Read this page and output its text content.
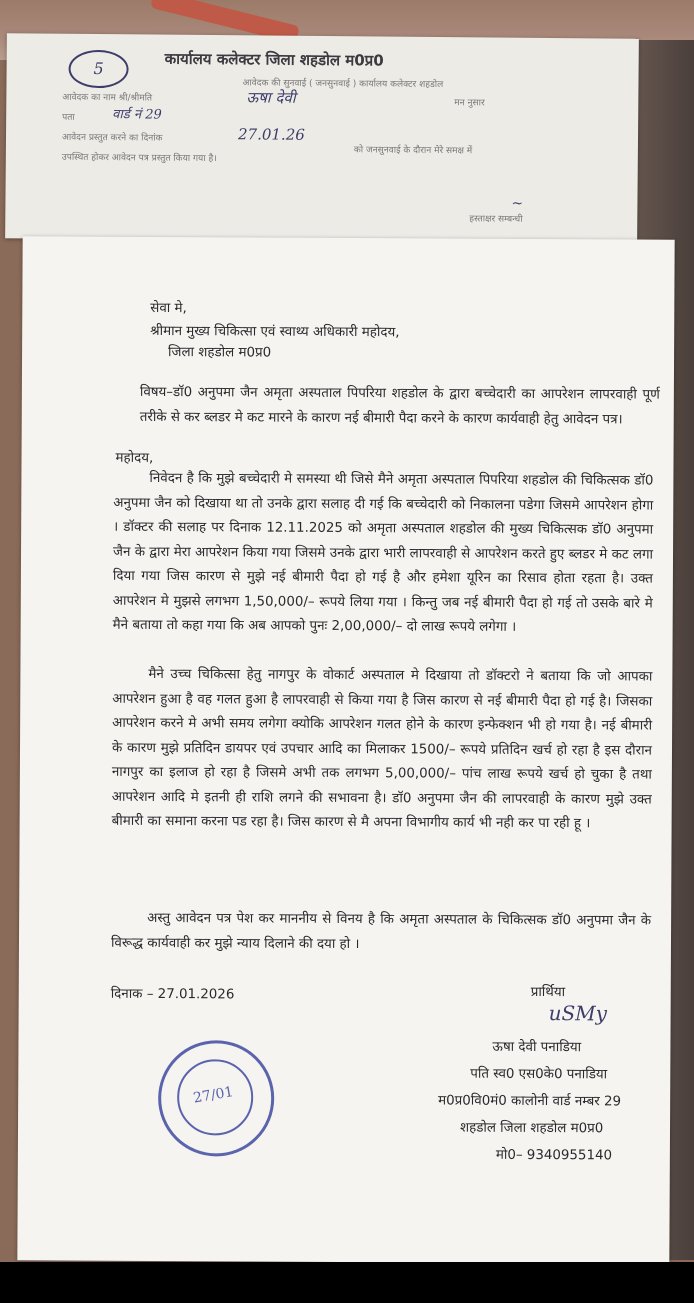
5	कार्यालय कलेक्टर जिला शहडोल म0प्र0
आवेदक की सुनवाई ( जनसुनवाई ) कार्यालय कलेक्टर शहडोल
आवेदक का नाम श्री/श्रीमति	ऊषा देवी	मन नुसार
पता	वार्ड नं 29
आवेदन प्रस्तुत करने का दिनांक	27.01.26
को जनसुनवाई के दौरान मेरे समक्ष में
उपस्थित होकर आवेदन पत्र प्रस्तुत किया गया है।
हस्ताक्षर सम्बन्धी
~
सेवा मे,
श्रीमान मुख्य चिकित्सा एवं स्वाथ्य अधिकारी महोदय,
जिला शहडोल म0प्र0
विषय–डॉ0 अनुपमा जैन अमृता अस्पताल पिपरिया शहडोल के द्वारा बच्चेदारी का आपरेशन लापरवाही पूर्ण तरीके से कर ब्लडर मे कट मारने के कारण नई बीमारी पैदा करने के कारण कार्यवाही हेतु आवेदन पत्र।
महोदय,
निवेदन है कि मुझे बच्चेदारी मे समस्या थी जिसे मैने अमृता अस्पताल पिपरिया शहडोल की चिकित्सक डॉ0 अनुपमा जैन को दिखाया था तो उनके द्वारा सलाह दी गई कि बच्चेदारी को निकालना पडेगा जिसमे आपरेशन होगा । डॉक्टर की सलाह पर दिनाक 12.11.2025 को अमृता अस्पताल शहडोल की मुख्य चिकित्सक डॉ0 अनुपमा जैन के द्वारा मेरा आपरेशन किया गया जिसमे उनके द्वारा भारी लापरवाही से आपरेशन करते हुए ब्लडर मे कट लगा दिया गया जिस कारण से मुझे नई बीमारी पैदा हो गई है और हमेशा यूरिन का रिसाव होता रहता है। उक्त आपरेशन मे मुझसे लगभग 1,50,000/– रूपये लिया गया । किन्तु जब नई बीमारी पैदा हो गई तो उसके बारे मे मैने बताया तो कहा गया कि अब आपको पुनः 2,00,000/– दो लाख रूपये लगेगा ।
मैने उच्च चिकित्सा हेतु नागपुर के वोकार्ट अस्पताल मे दिखाया तो डॉक्टरो ने बताया कि जो आपका आपरेशन हुआ है वह गलत हुआ है लापरवाही से किया गया है जिस कारण से नई बीमारी पैदा हो गई है। जिसका आपरेशन करने मे अभी समय लगेगा क्योकि आपरेशन गलत होने के कारण इन्फेक्शन भी हो गया है। नई बीमारी के कारण मुझे प्रतिदिन डायपर एवं उपचार आदि का मिलाकर 1500/– रूपये प्रतिदिन खर्च हो रहा है इस दौरान नागपुर का इलाज हो रहा है जिसमे अभी तक लगभग 5,00,000/– पांच लाख रूपये खर्च हो चुका है तथा आपरेशन आदि मे इतनी ही राशि लगने की सभावना है। डॉ0 अनुपमा जैन की लापरवाही के कारण मुझे उक्त बीमारी का समाना करना पड रहा है। जिस कारण से मै अपना विभागीय कार्य भी नही कर पा रही हू ।
अस्तु आवेदन पत्र पेश कर माननीय से विनय है कि अमृता अस्पताल के चिकित्सक डॉ0 अनुपमा जैन के विरूद्ध कार्यवाही कर मुझे न्याय दिलाने की दया हो ।
दिनाक – 27.01.2026	प्रार्थिया
uSMy
ऊषा देवी पनाडिया
पति स्व0 एस0के0 पनाडिया
म0प्र0वि0मं0 कालोनी वार्ड नम्बर 29
शहडोल जिला शहडोल म0प्र0
मो0– 9340955140
27/01
